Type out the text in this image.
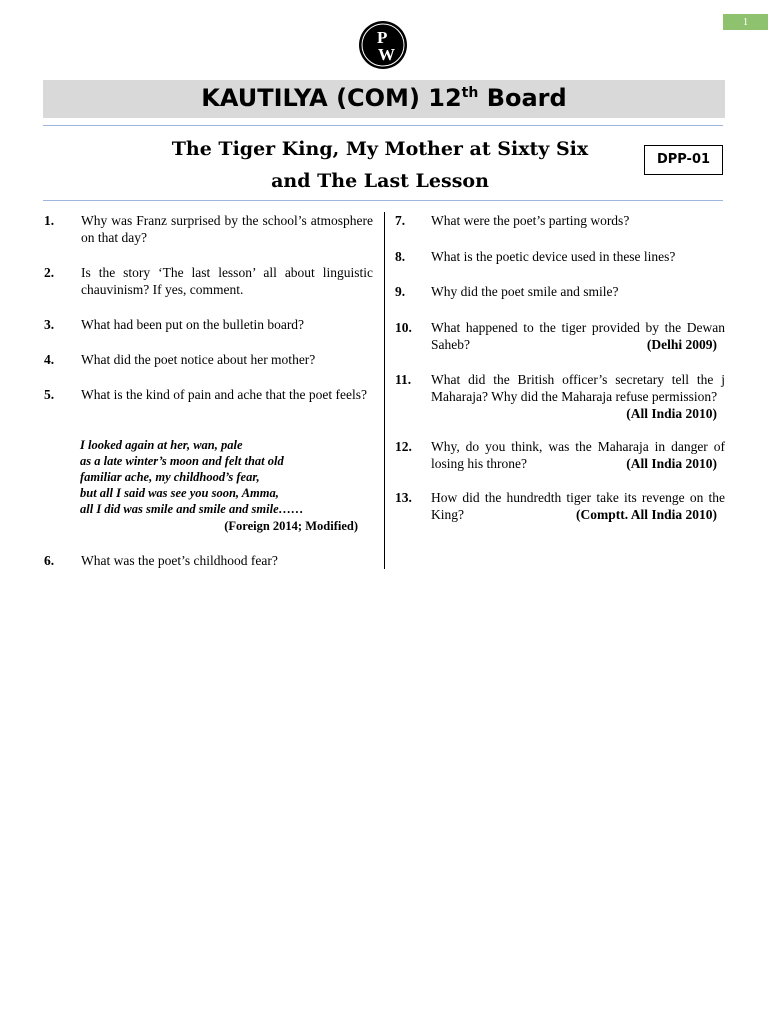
1
P
W
KAUTILYA (COM) 12th Board
The Tiger King, My Mother at Sixty Six
and The Last Lesson
DPP-01
1. Why was Franz surprised by the school’s atmosphere on that day?
2. Is the story ‘The last lesson’ all about linguistic chauvinism? If yes, comment.
3. What had been put on the bulletin board?
4. What did the poet notice about her mother?
5. What is the kind of pain and ache that the poet feels?
I looked again at her, wan, pale
as a late winter’s moon and felt that old
familiar ache, my childhood’s fear,
but all I said was see you soon, Amma,
all I did was smile and smile and smile……
(Foreign 2014; Modified)
6. What was the poet’s childhood fear?
7. What were the poet’s parting words?
8. What is the poetic device used in these lines?
9. Why did the poet smile and smile?
10. What happened to the tiger provided by the Dewan Saheb?	(Delhi 2009)
11. What did the British officer’s secretary tell the j Maharaja? Why did the Maharaja refuse permission?
(All India 2010)
12. Why, do you think, was the Maharaja in danger of losing his throne?	(All India 2010)
13. How did the hundredth tiger take its revenge on the King?	(Comptt. All India 2010)
